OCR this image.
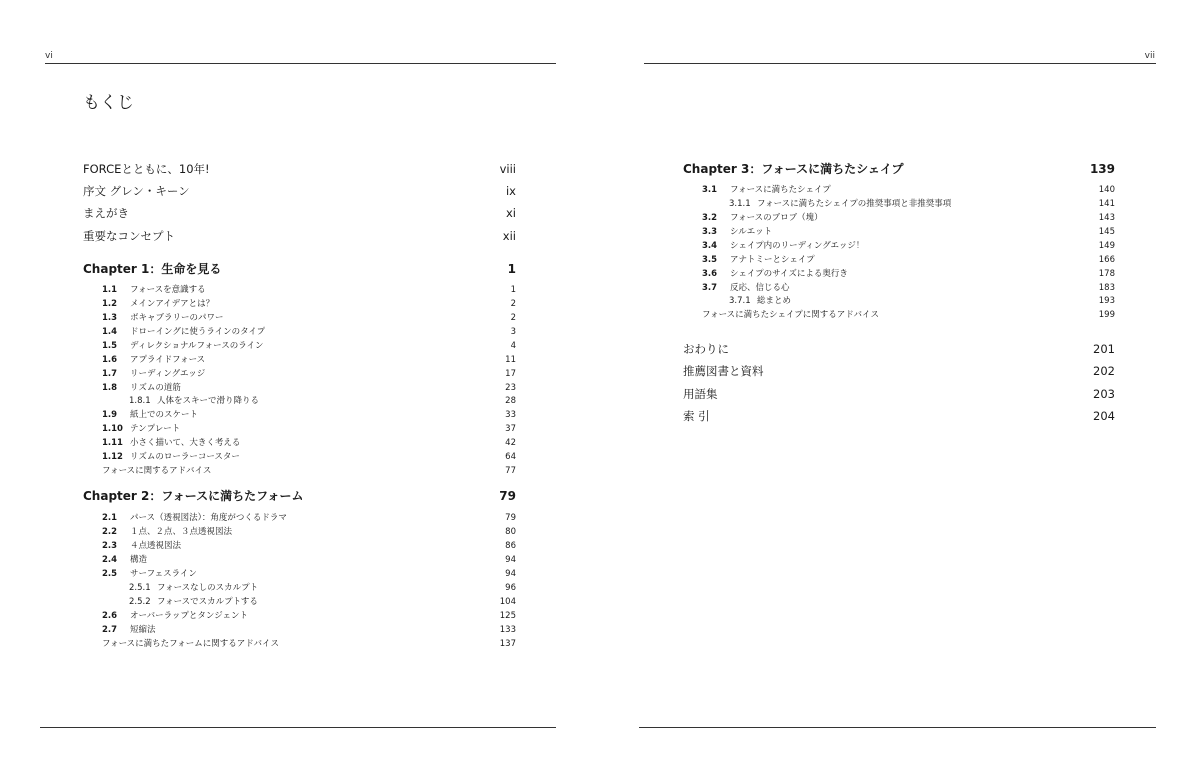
vi
もくじ
FORCEとともに、10年!	viii
序文 グレン・キーン	ix
まえがき	xi
重要なコンセプト	xii
Chapter 1：生命を見る	1
1.1	フォースを意識する	1
1.2	メインアイデアとは？	2
1.3	ボキャブラリーのパワー	2
1.4	ドローイングに使うラインのタイプ	3
1.5	ディレクショナルフォースのライン	4
1.6	アプライドフォース	11
1.7	リーディングエッジ	17
1.8	リズムの道筋	23
1.8.1 人体をスキーで滑り降りる	28
1.9	紙上でのスケート	33
1.10 テンプレート	37
1.11 小さく描いて、大きく考える	42
1.12 リズムのローラーコースター	64
フォースに関するアドバイス	77
Chapter 2：フォースに満ちたフォーム	79
2.1	パース（透視図法）：角度がつくるドラマ	79
2.2	１点、２点、３点透視図法	80
2.3	４点透視図法	86
2.4	構造	94
2.5	サーフェスライン	94
2.5.1 フォースなしのスカルプト	96
2.5.2 フォースでスカルプトする	104
2.6	オーバーラップとタンジェント	125
2.7	短縮法	133
フォースに満ちたフォームに関するアドバイス	137
vii
Chapter 3：フォースに満ちたシェイプ	139
3.1	フォースに満ちたシェイプ	140
3.1.1 フォースに満ちたシェイプの推奨事項と非推奨事項	141
3.2	フォースのブロブ（塊）	143
3.3	シルエット	145
3.4	シェイプ内のリーディングエッジ！	149
3.5	アナトミーとシェイプ	166
3.6	シェイプのサイズによる奥行き	178
3.7	反応、信じる心	183
3.7.1 総まとめ	193
フォースに満ちたシェイプに関するアドバイス	199
おわりに	201
推薦図書と資料	202
用語集	203
索 引	204
